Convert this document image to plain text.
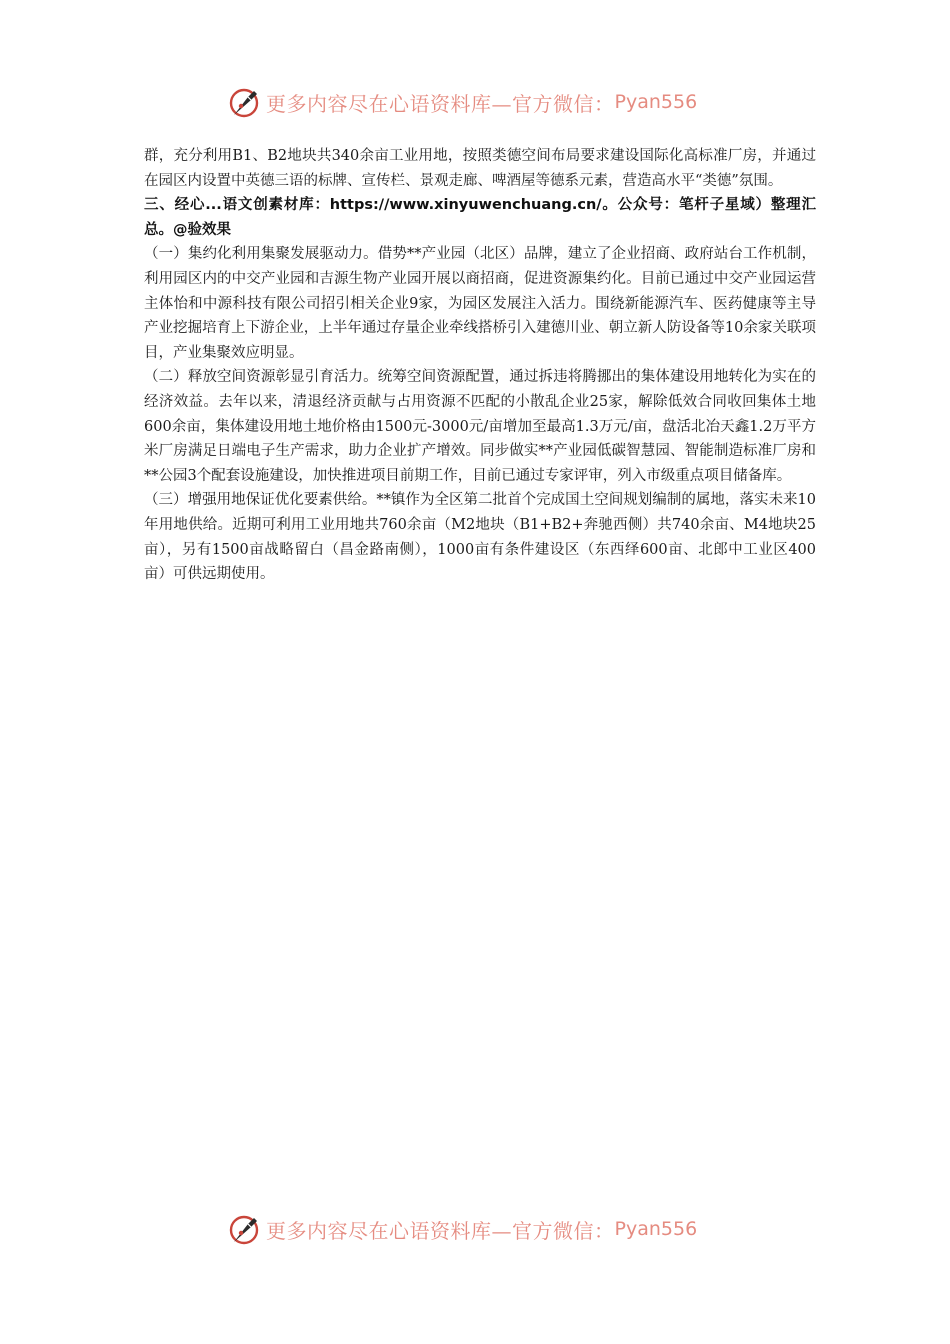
更多内容尽在心语资料库—官方微信： Pyan556

群，充分利用B1、B2地块共340余亩工业用地，按照类德空间布局要求建设国际化高标准厂房，并通过在园区内设置中英德三语的标牌、宣传栏、景观走廊、啤酒屋等德系元素，营造高水平“类德”氛围。

三、经心...语文创素材库：https://www.xinyuwenchuang.cn/。公众号：笔杆子星域）整理汇总。@验效果

（一）集约化利用集聚发展驱动力。借势**产业园（北区）品牌，建立了企业招商、政府站台工作机制，利用园区内的中交产业园和吉源生物产业园开展以商招商，促进资源集约化。目前已通过中交产业园运营主体怡和中源科技有限公司招引相关企业9家，为园区发展注入活力。围绕新能源汽车、医药健康等主导产业挖掘培育上下游企业，上半年通过存量企业牵线搭桥引入建德川业、朝立新人防设备等10余家关联项目，产业集聚效应明显。

（二）释放空间资源彰显引育活力。统筹空间资源配置，通过拆违将腾挪出的集体建设用地转化为实在的经济效益。去年以来，清退经济贡献与占用资源不匹配的小散乱企业25家，解除低效合同收回集体土地600余亩，集体建设用地土地价格由1500元-3000元/亩增加至最高1.3万元/亩，盘活北冶天鑫1.2万平方米厂房满足日端电子生产需求，助力企业扩产增效。同步做实**产业园低碳智慧园、智能制造标准厂房和**公园3个配套设施建设，加快推进项目前期工作，目前已通过专家评审，列入市级重点项目储备库。

（三）增强用地保证优化要素供给。**镇作为全区第二批首个完成国土空间规划编制的属地，落实未来10年用地供给。近期可利用工业用地共760余亩（M2地块（B1+B2+奔驰西侧）共740余亩、M4地块25亩），另有1500亩战略留白（昌金路南侧），1000亩有条件建设区（东西绎600亩、北郎中工业区400亩）可供远期使用。

更多内容尽在心语资料库—官方微信： Pyan556
